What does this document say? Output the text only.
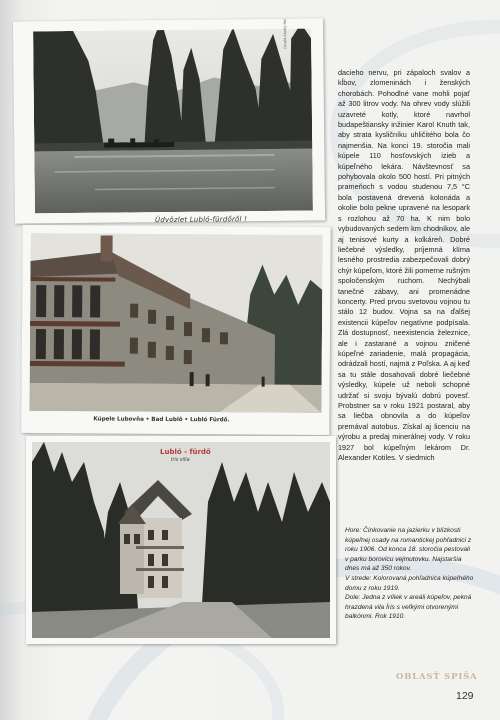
Divald Károly fiai
Üdvözlet Lubló-fürdőről !
Kúpele Lubovňa • Bad Lublô • Lubló Fürdő.
Lubló - fürdő
Iris villa
dacieho nervu, pri zápaloch svalov a kĺbov, zlomeninách i ženských chorobách. Pohodlné vane mohli pojať až 300 litrov vody. Na ohrev vody slúžili uzavreté kotly, ktoré navrhol budapeštiansky inžinier Karol Knuth tak, aby strata kysličníku uhličitého bola čo najmenšia. Na konci 19. storočia mali kúpele 110 hosťovských izieb a kúpeľného lekára. Návštevnosť sa pohybovala okolo 500 hostí. Pri pitných prameňoch s vodou studenou 7,5 °C bola postavená drevená kolonáda a okolie bolo pekne upravené na lesopark s rozlohou až 70 ha. K nim bolo vybudovaných sedem km chodníkov, ale aj tenisové kurty a kolkáreň. Dobré liečebné výsledky, príjemná klíma lesného prostredia zabezpečovali dobrý chýr kúpeľom, ktoré žili pomerne rušným spoločenským ruchom. Nechýbali tanečné zábavy, ani promenádne koncerty. Pred prvou svetovou vojnou tu stálo 12 budov. Vojna sa na ďalšej existencii kúpeľov negatívne podpísala. Zlá dostupnosť, neexistencia železnice, ale i zastarané a vojnou zničené kúpeľné zariadenie, malá propagácia, odrádzali hostí, najmä z Poľska. A aj keď sa tu stále dosahovali dobré liečebné výsledky, kúpele už neboli schopné udržať si svoju bývalú dobrú povesť. Probstner sa v roku 1921 postaral, aby sa liečba obnovila a do kúpeľov premával autobus. Získal aj licenciu na výrobu a predaj minerálnej vody. V roku 1927 bol kúpeľným lekárom Dr. Alexander Kotiles. V siedmich

Hore: Čínkovanie na jazierku v blízkosti kúpeľnej osady na romantickej pohľadnici z roku 1906. Od konca 18. storočia pestovali v parku borovicu vejmutovku. Najstaršia dnes má až 350 rokov.

V strede: Kolorovaná pohľadnica kúpeľného domu z roku 1919.

Dole: Jedna z víliek v areáli kúpeľov, pekná hrazdená vila Íris s veľkými otvorenými balkónmi. Rok 1910.

OBLASŤ SPIŠA
129
